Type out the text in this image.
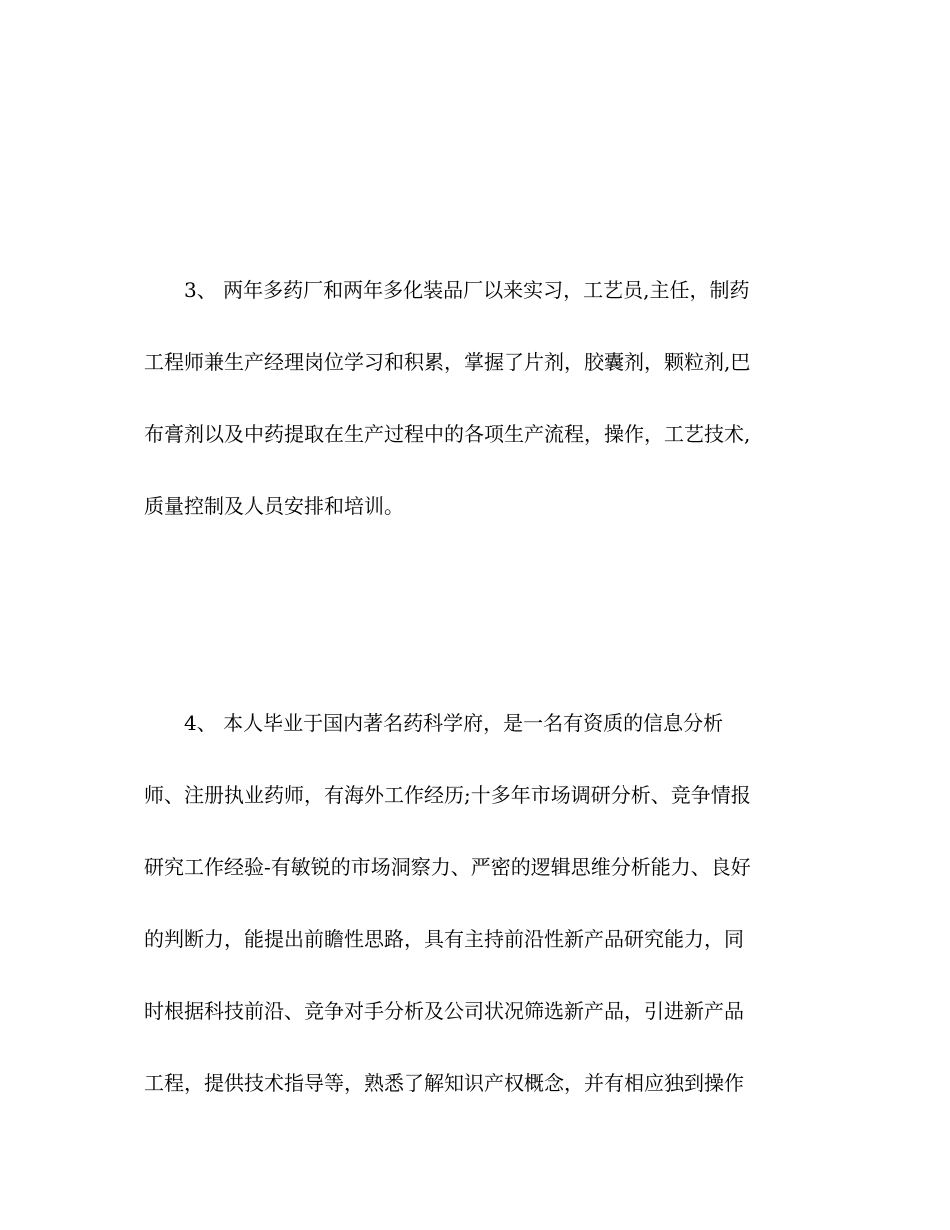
3、 两年多药厂和两年多化装品厂以来实习，工艺员,主任，制药
工程师兼生产经理岗位学习和积累，掌握了片剂，胶囊剂，颗粒剂,巴
布膏剂以及中药提取在生产过程中的各项生产流程，操作，工艺技术,
质量控制及人员安排和培训。
4、 本人毕业于国内著名药科学府，是一名有资质的信息分析
师、注册执业药师，有海外工作经历;十多年市场调研分析、竞争情报
研究工作经验-有敏锐的市场洞察力、严密的逻辑思维分析能力、良好
的判断力，能提出前瞻性思路，具有主持前沿性新产品研究能力，同
时根据科技前沿、竞争对手分析及公司状况筛选新产品，引进新产品
工程，提供技术指导等，熟悉了解知识产权概念，并有相应独到操作
